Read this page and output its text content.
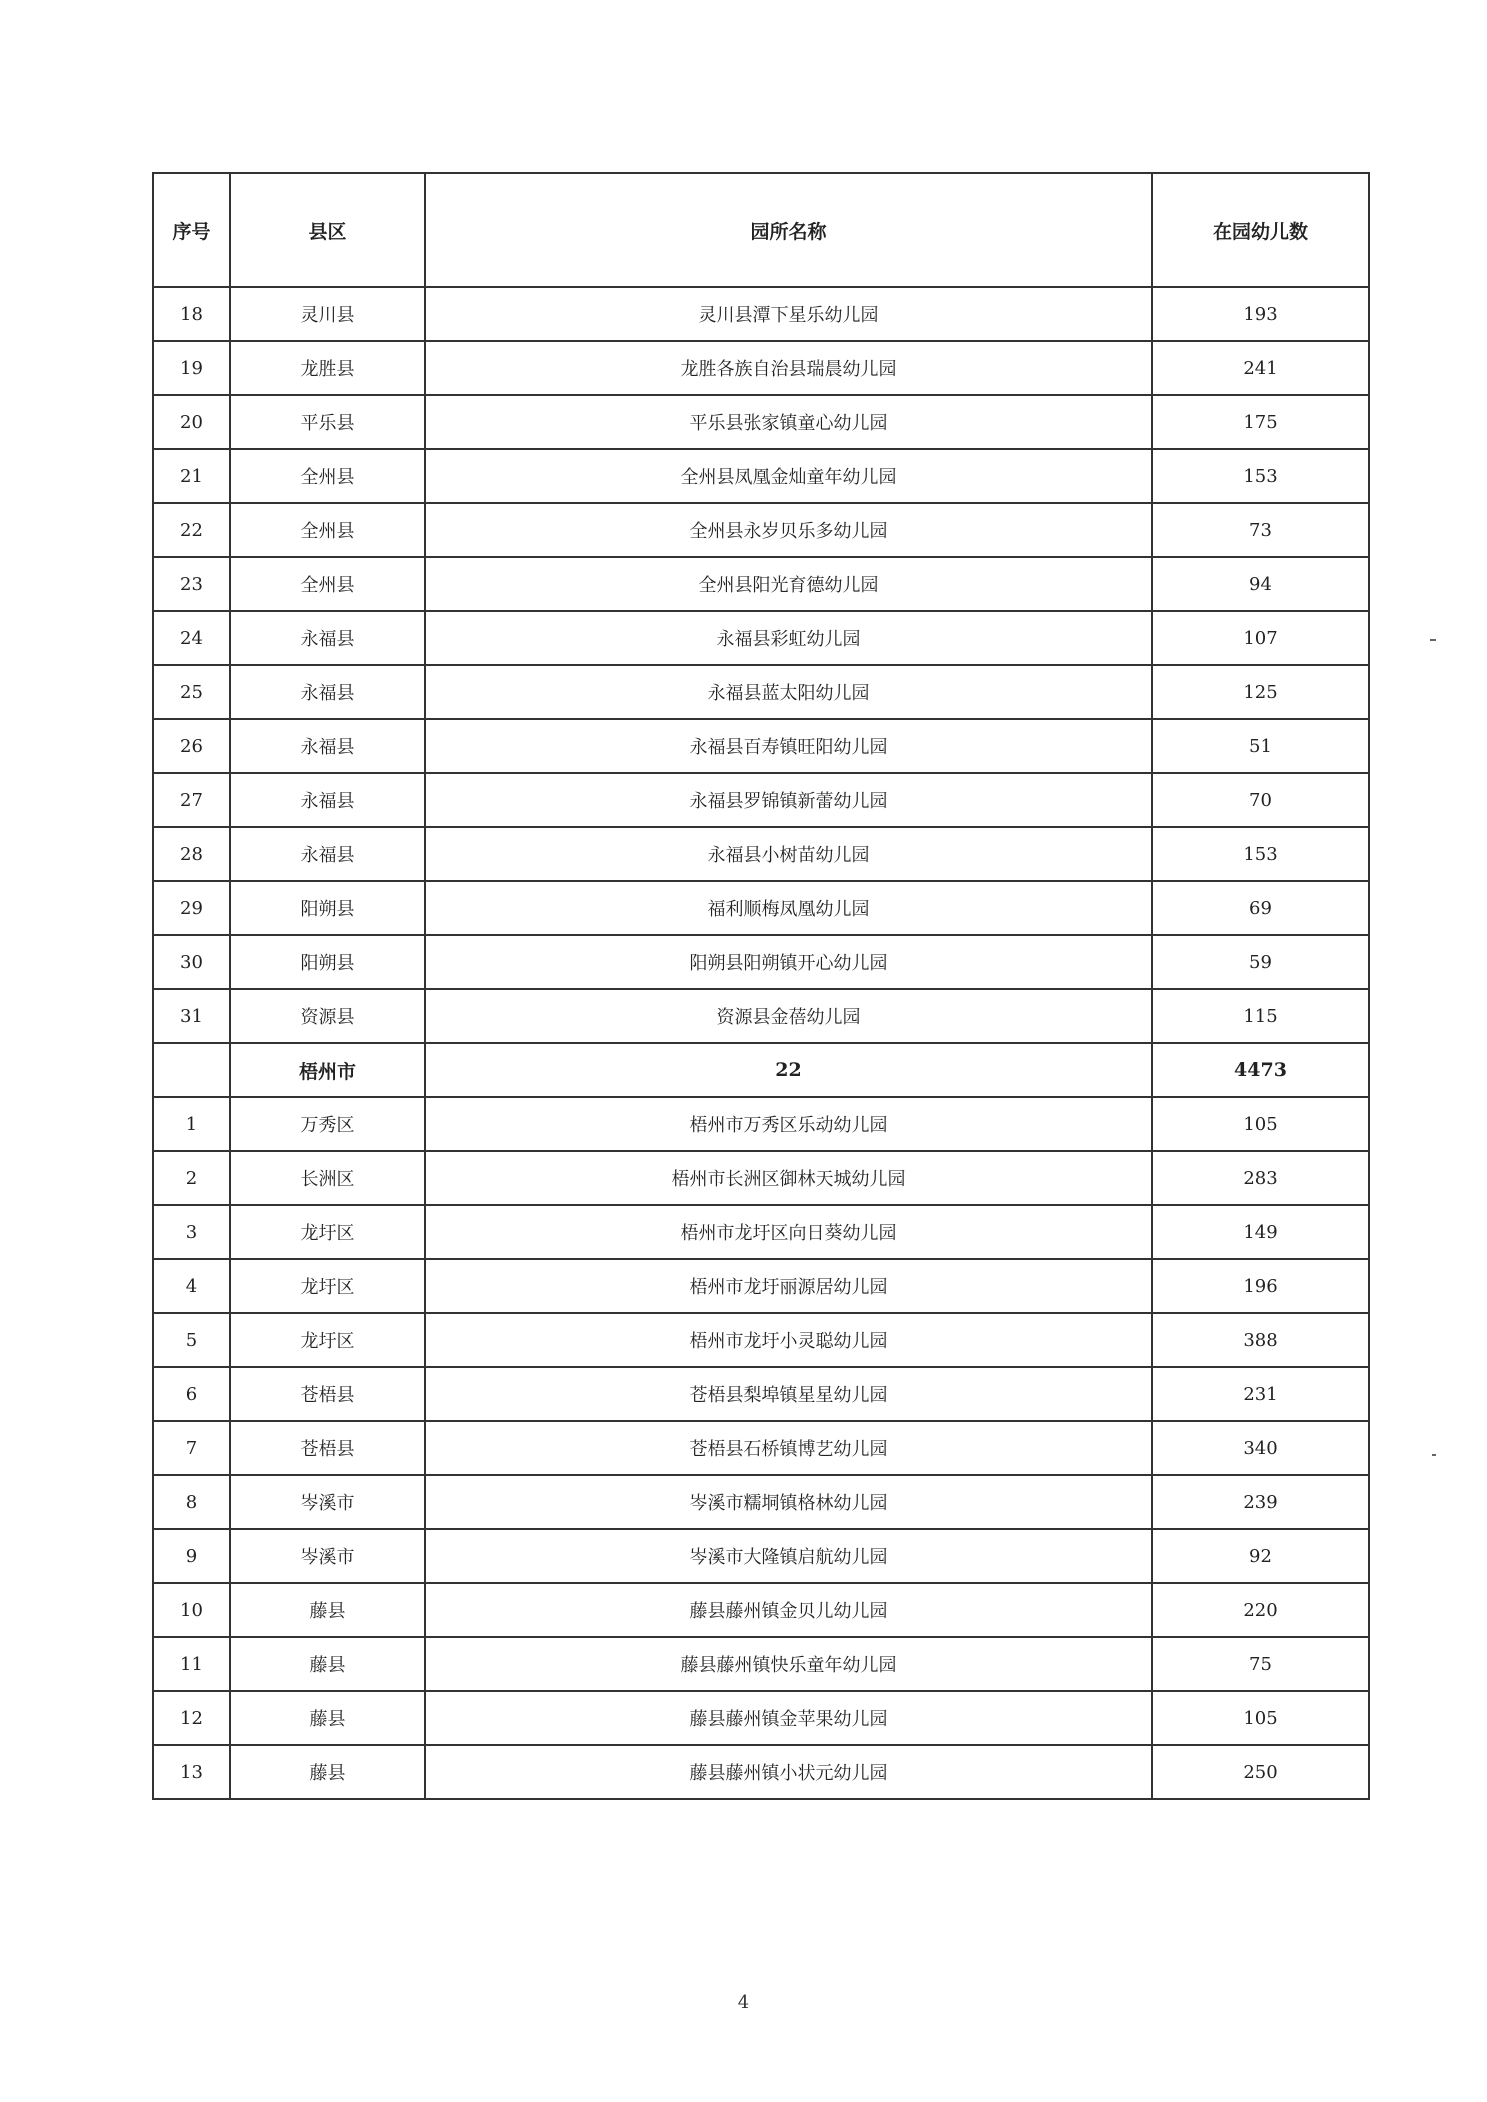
序号	县区	园所名称	在园幼儿数
18	灵川县	灵川县潭下星乐幼儿园	193
19	龙胜县	龙胜各族自治县瑞晨幼儿园	241
20	平乐县	平乐县张家镇童心幼儿园	175
21	全州县	全州县凤凰金灿童年幼儿园	153
22	全州县	全州县永岁贝乐多幼儿园	73
23	全州县	全州县阳光育德幼儿园	94
24	永福县	永福县彩虹幼儿园	107
25	永福县	永福县蓝太阳幼儿园	125
26	永福县	永福县百寿镇旺阳幼儿园	51
27	永福县	永福县罗锦镇新蕾幼儿园	70
28	永福县	永福县小树苗幼儿园	153
29	阳朔县	福利顺梅凤凰幼儿园	69
30	阳朔县	阳朔县阳朔镇开心幼儿园	59
31	资源县	资源县金蓓幼儿园	115
	梧州市	22	4473
1	万秀区	梧州市万秀区乐动幼儿园	105
2	长洲区	梧州市长洲区御林天城幼儿园	283
3	龙圩区	梧州市龙圩区向日葵幼儿园	149
4	龙圩区	梧州市龙圩丽源居幼儿园	196
5	龙圩区	梧州市龙圩小灵聪幼儿园	388
6	苍梧县	苍梧县梨埠镇星星幼儿园	231
7	苍梧县	苍梧县石桥镇博艺幼儿园	340
8	岑溪市	岑溪市糯垌镇格林幼儿园	239
9	岑溪市	岑溪市大隆镇启航幼儿园	92
10	藤县	藤县藤州镇金贝儿幼儿园	220
11	藤县	藤县藤州镇快乐童年幼儿园	75
12	藤县	藤县藤州镇金苹果幼儿园	105
13	藤县	藤县藤州镇小状元幼儿园	250
4
